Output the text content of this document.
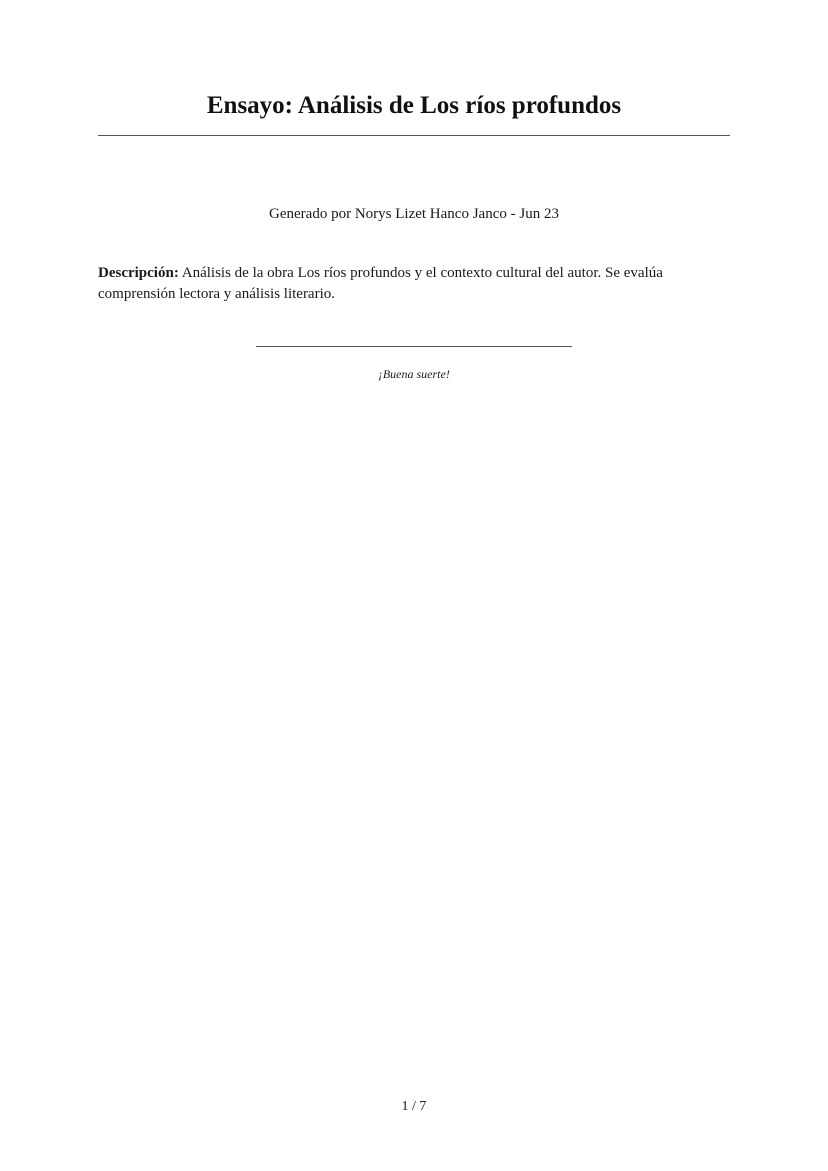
Ensayo: Análisis de Los ríos profundos
Generado por Norys Lizet Hanco Janco - Jun 23

Descripción: Análisis de la obra Los ríos profundos y el contexto cultural del autor. Se evalúa comprensión lectora y análisis literario.

¡Buena suerte!
1 / 7
